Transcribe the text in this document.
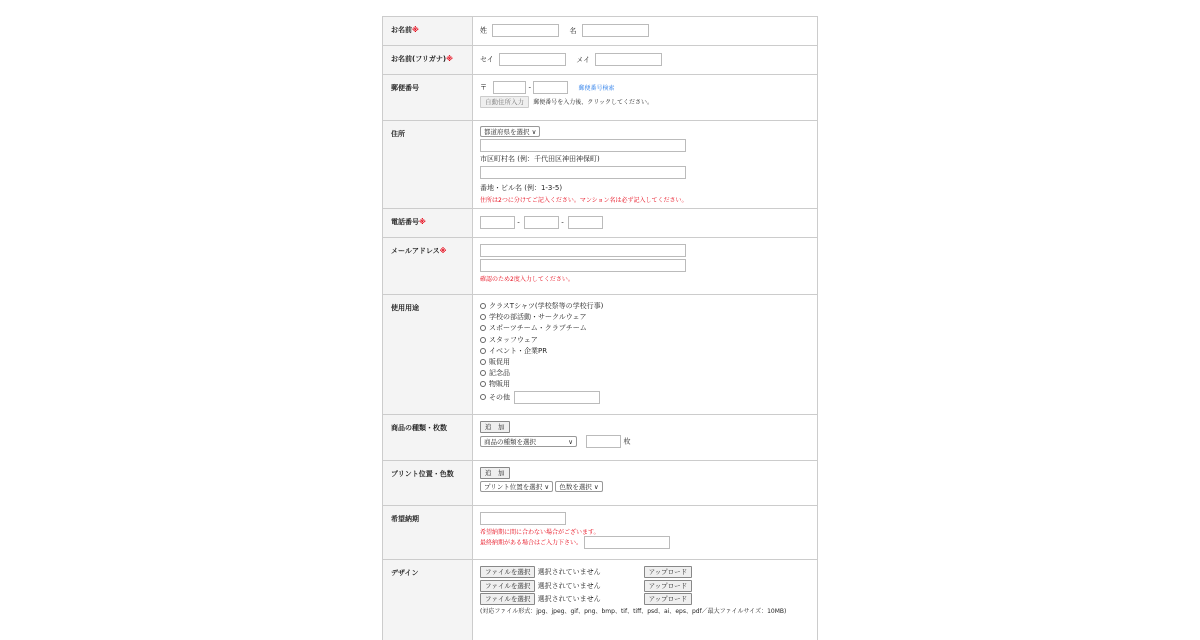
お名前※	姓	名
お名前(フリガナ)※	セイ	メイ
郵便番号	〒	-	郵便番号検索
自動住所入力 郵便番号を入力後、クリックしてください。
住所	都道府県を選択 ∨
市区町村名 (例：千代田区神田神保町)
番地・ビル名 (例：1-3-5)
住所は2つに分けてご記入ください。マンション名は必ず記入してください。
電話番号※	-	-
メールアドレス※
確認のため2度入力してください。
使用用途	クラスTシャツ(学校祭等の学校行事)
学校の部活動・サークルウェア
スポーツチーム・クラブチーム
スタッフウェア
イベント・企業PR
販促用
記念品
物販用
その他
商品の種類・枚数	追　加
商品の種類を選択	∨	枚
プリント位置・色数	追　加
プリント位置を選択 ∨ 色数を選択 ∨
希望納期
希望納期に間に合わない場合がございます。
最終納期がある場合はご入力下さい。
デザイン	ファイルを選択 選択されていません	アップロード
ファイルを選択 選択されていません	アップロード
ファイルを選択 選択されていません	アップロード
(対応ファイル形式：jpg、jpeg、gif、png、bmp、tif、tiff、psd、ai、eps、pdf／最大ファイルサイズ：10MB)
